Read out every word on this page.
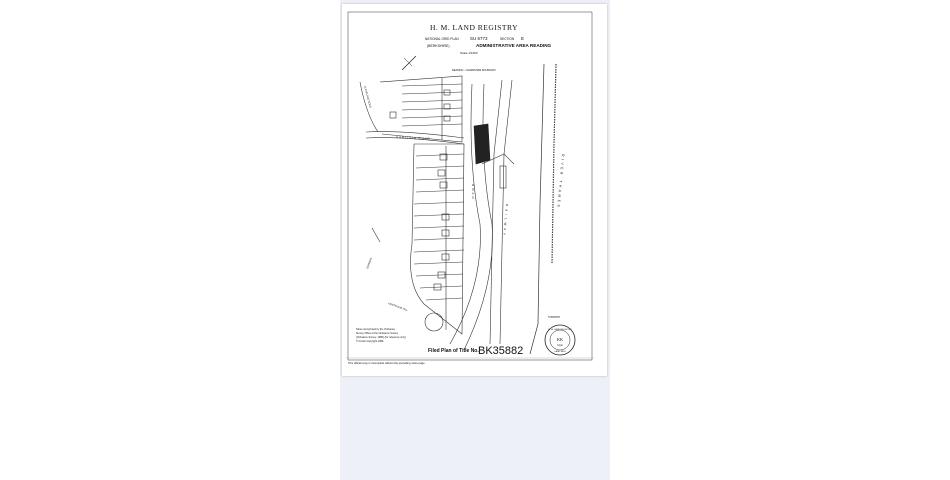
H. M. LAND REGISTRY
NATIONAL GRID PLAN	SU 6773	SECTION E
(BERKSHIRE)	ADMINISTRATIVE AREA READING
Scale 1/1250
READING - CAVERSHAM BOUNDARY
CARLISLE ROAD
CLEVELAND ROAD
ROAD
RAILWAY
RIVER THAMES
TOWPATH
DOWSON
KENTWOOD HILL
Taken and printed by the Ordnance
Survey Office of the Ordnance Survey
(Ordnance Survey, 1986) (for reference only)
© Crown Copyright 1986
Filed Plan of Title No. BK35882
H. M. LAND REGISTRY
KK
3 Jan
LAND REG
This official copy is incomplete without the preceding notes page.
